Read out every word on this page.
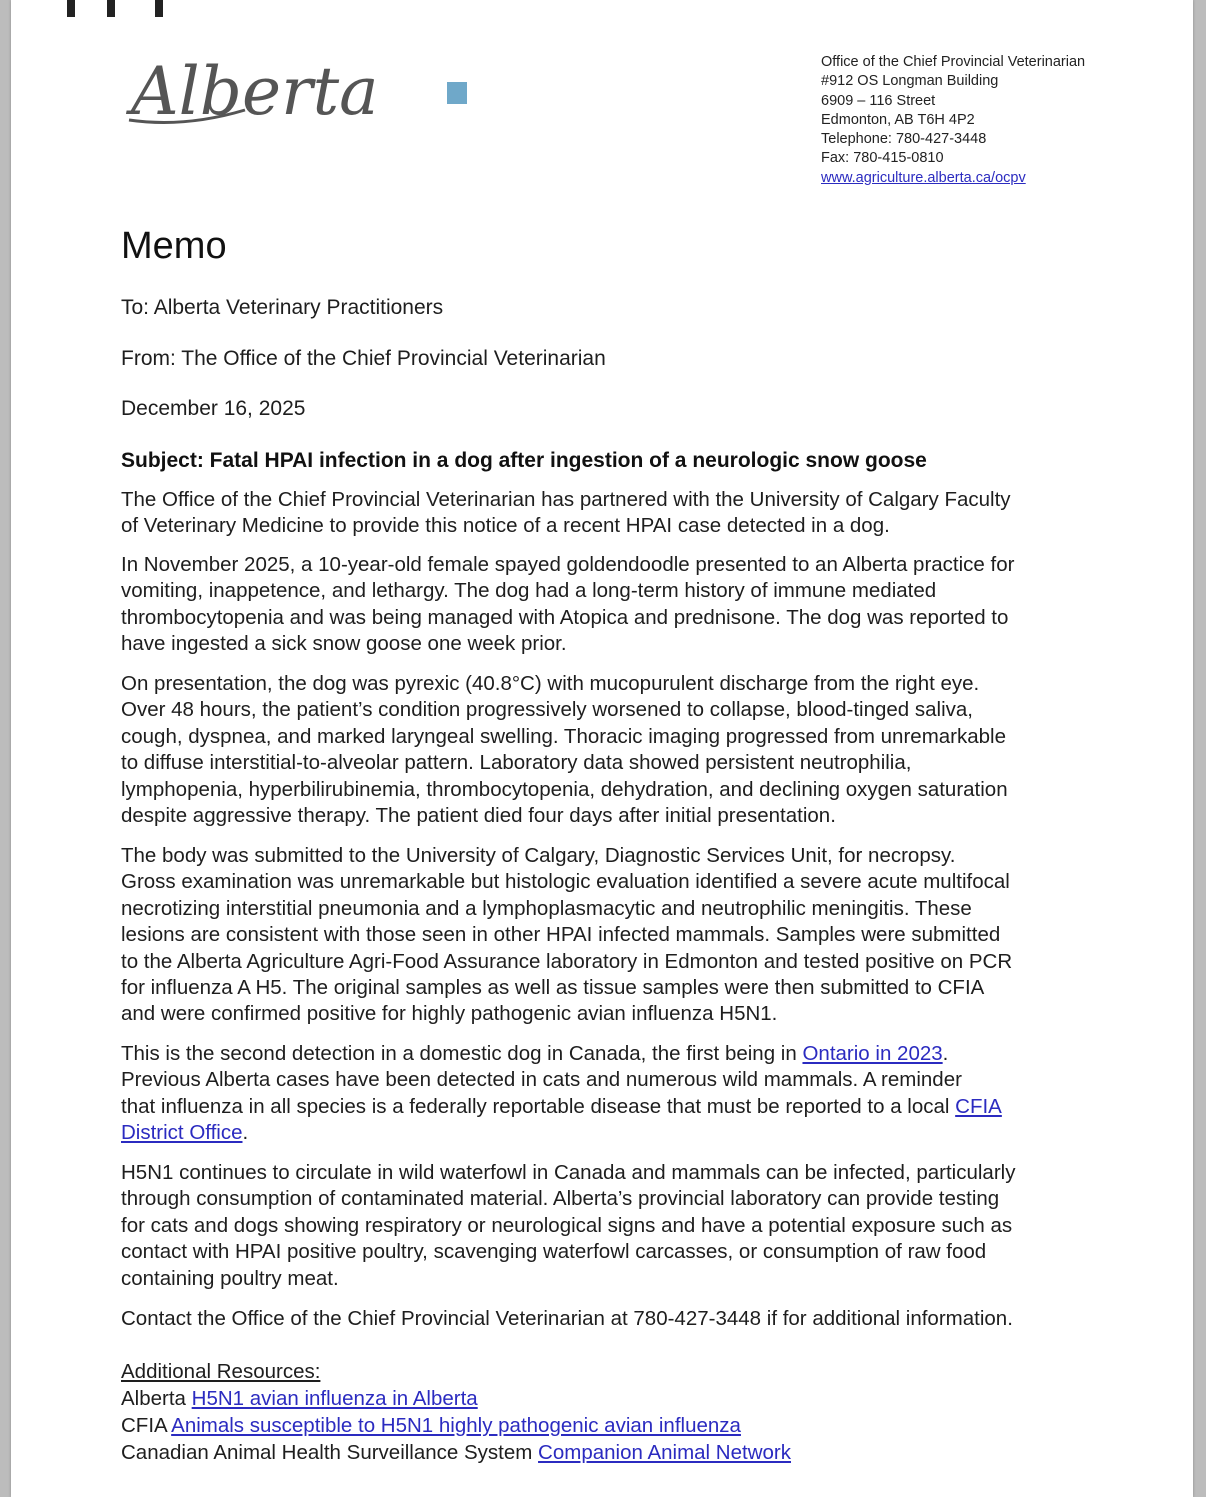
Alberta	Office of the Chief Provincial Veterinarian
#912 OS Longman Building
6909 – 116 Street
Edmonton, AB T6H 4P2
Telephone: 780-427-3448
Fax: 780-415-0810
www.agriculture.alberta.ca/ocpv
Memo
To: Alberta Veterinary Practitioners
From: The Office of the Chief Provincial Veterinarian
December 16, 2025
Subject: Fatal HPAI infection in a dog after ingestion of a neurologic snow goose
The Office of the Chief Provincial Veterinarian has partnered with the University of Calgary Faculty
of Veterinary Medicine to provide this notice of a recent HPAI case detected in a dog.
In November 2025, a 10-year-old female spayed goldendoodle presented to an Alberta practice for
vomiting, inappetence, and lethargy. The dog had a long-term history of immune mediated
thrombocytopenia and was being managed with Atopica and prednisone. The dog was reported to
have ingested a sick snow goose one week prior.
On presentation, the dog was pyrexic (40.8°C) with mucopurulent discharge from the right eye.
Over 48 hours, the patient’s condition progressively worsened to collapse, blood-tinged saliva,
cough, dyspnea, and marked laryngeal swelling. Thoracic imaging progressed from unremarkable
to diffuse interstitial-to-alveolar pattern. Laboratory data showed persistent neutrophilia,
lymphopenia, hyperbilirubinemia, thrombocytopenia, dehydration, and declining oxygen saturation
despite aggressive therapy. The patient died four days after initial presentation.
The body was submitted to the University of Calgary, Diagnostic Services Unit, for necropsy.
Gross examination was unremarkable but histologic evaluation identified a severe acute multifocal
necrotizing interstitial pneumonia and a lymphoplasmacytic and neutrophilic meningitis. These
lesions are consistent with those seen in other HPAI infected mammals. Samples were submitted
to the Alberta Agriculture Agri-Food Assurance laboratory in Edmonton and tested positive on PCR
for influenza A H5. The original samples as well as tissue samples were then submitted to CFIA
and were confirmed positive for highly pathogenic avian influenza H5N1.
This is the second detection in a domestic dog in Canada, the first being in Ontario in 2023.
Previous Alberta cases have been detected in cats and numerous wild mammals. A reminder
that influenza in all species is a federally reportable disease that must be reported to a local CFIA
District Office.
H5N1 continues to circulate in wild waterfowl in Canada and mammals can be infected, particularly
through consumption of contaminated material. Alberta’s provincial laboratory can provide testing
for cats and dogs showing respiratory or neurological signs and have a potential exposure such as
contact with HPAI positive poultry, scavenging waterfowl carcasses, or consumption of raw food
containing poultry meat.
Contact the Office of the Chief Provincial Veterinarian at 780-427-3448 if for additional information.
Additional Resources:
Alberta H5N1 avian influenza in Alberta
CFIA Animals susceptible to H5N1 highly pathogenic avian influenza
Canadian Animal Health Surveillance System Companion Animal Network
